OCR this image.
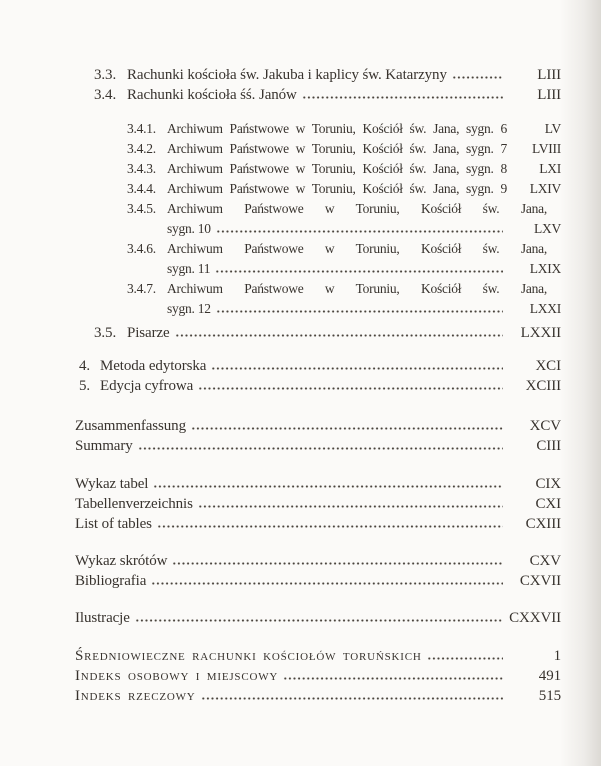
3.3. Rachunki kościoła św. Jakuba i kaplicy św. Katarzyny	LIII
3.4. Rachunki kościoła śś. Janów	LIII
3.4.1. Archiwum Państwowe w Toruniu, Kościół św. Jana, sygn. 6	LV
3.4.2. Archiwum Państwowe w Toruniu, Kościół św. Jana, sygn. 7	LVIII
3.4.3. Archiwum Państwowe w Toruniu, Kościół św. Jana, sygn. 8	LXI
3.4.4. Archiwum Państwowe w Toruniu, Kościół św. Jana, sygn. 9	LXIV
3.4.5. Archiwum Państwowe w Toruniu, Kościół św. Jana,
sygn. 10	LXV
3.4.6. Archiwum Państwowe w Toruniu, Kościół św. Jana,
sygn. 11	LXIX
3.4.7. Archiwum Państwowe w Toruniu, Kościół św. Jana,
sygn. 12	LXXI
3.5. Pisarze	LXXII
4. Metoda edytorska	XCI
5. Edycja cyfrowa	XCIII
Zusammenfassung	XCV
Summary	CIII
Wykaz tabel	CIX
Tabellenverzeichnis	CXI
List of tables	CXIII
Wykaz skrótów	CXV
Bibliografia	CXVII
Ilustracje	CXXVII
Średniowieczne rachunki kościołów toruńskich	1
Indeks osobowy i miejscowy	491
Indeks rzeczowy	515
